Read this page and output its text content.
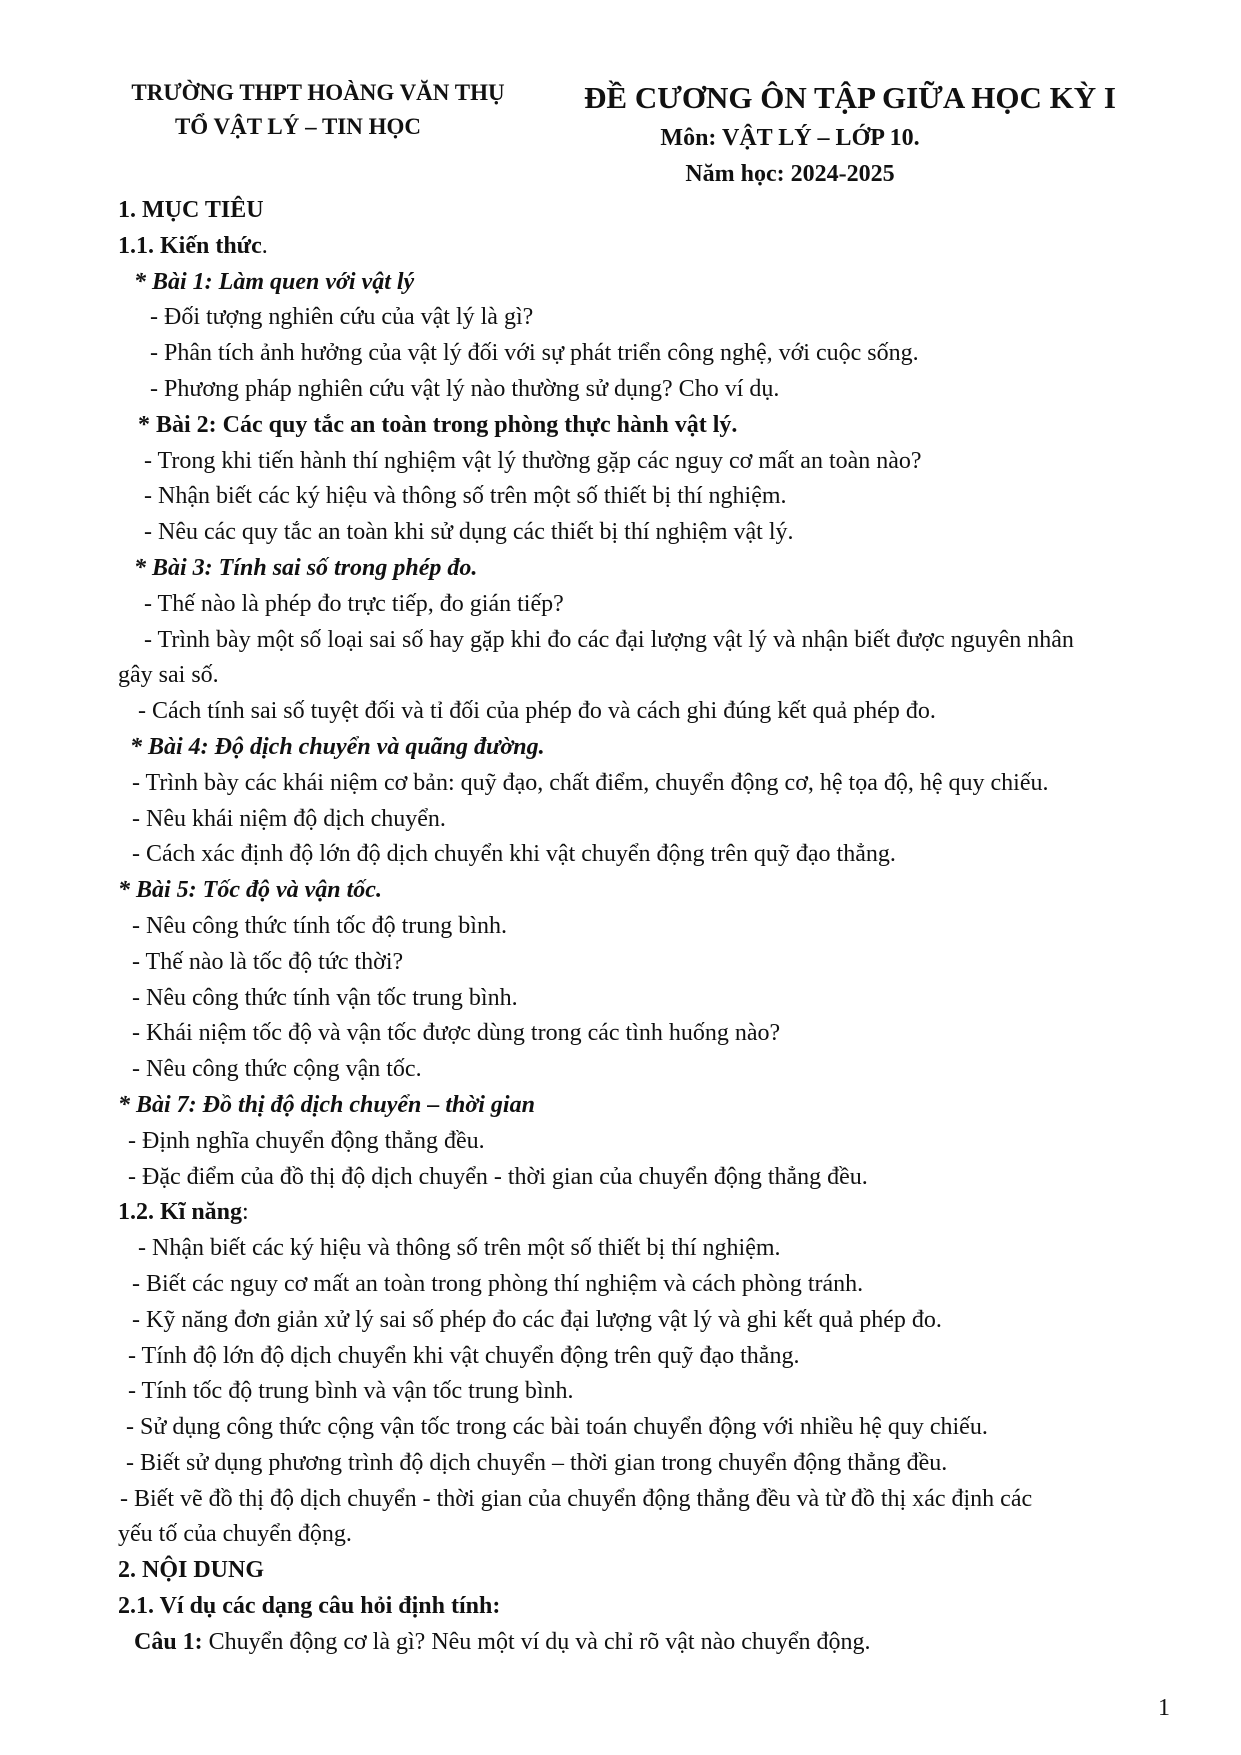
TRƯỜNG THPT HOÀNG VĂN THỤ
TỔ VẬT LÝ – TIN HỌC
ĐỀ CƯƠNG ÔN TẬP GIỮA HỌC KỲ I
Môn: VẬT LÝ – LỚP 10.
Năm học: 2024-2025
1. MỤC TIÊU
1.1. Kiến thức.
* Bài 1: Làm quen với vật lý
- Đối tượng nghiên cứu của vật lý là gì?
- Phân tích ảnh hưởng của vật lý đối với sự phát triển công nghệ, với cuộc sống.
- Phương pháp nghiên cứu vật lý nào thường sử dụng? Cho ví dụ.
* Bài 2: Các quy tắc an toàn trong phòng thực hành vật lý.
- Trong khi tiến hành thí nghiệm vật lý thường gặp các nguy cơ mất an toàn nào?
- Nhận biết các ký hiệu và thông số trên một số thiết bị thí nghiệm.
- Nêu các quy tắc an toàn khi sử dụng các thiết bị thí nghiệm vật lý.
* Bài 3: Tính sai số trong phép đo.
- Thế nào là phép đo trực tiếp, đo gián tiếp?
- Trình bày một số loại sai số hay gặp khi đo các đại lượng vật lý và nhận biết được nguyên nhân
gây sai số.
- Cách tính sai số tuyệt đối và tỉ đối của phép đo và cách ghi đúng kết quả phép đo.
* Bài 4: Độ dịch chuyển và quãng đường.
- Trình bày các khái niệm cơ bản: quỹ đạo, chất điểm, chuyển động cơ, hệ tọa độ, hệ quy chiếu.
- Nêu khái niệm độ dịch chuyển.
- Cách xác định độ lớn độ dịch chuyển khi vật chuyển động trên quỹ đạo thẳng.
* Bài 5: Tốc độ và vận tốc.
- Nêu công thức tính tốc độ trung bình.
- Thế nào là tốc độ tức thời?
- Nêu công thức tính vận tốc trung bình.
- Khái niệm tốc độ và vận tốc được dùng trong các tình huống nào?
- Nêu công thức cộng vận tốc.
* Bài 7: Đồ thị độ dịch chuyển – thời gian
- Định nghĩa chuyển động thẳng đều.
- Đặc điểm của đồ thị độ dịch chuyển - thời gian của chuyển động thẳng đều.
1.2. Kĩ năng:
- Nhận biết các ký hiệu và thông số trên một số thiết bị thí nghiệm.
- Biết các nguy cơ mất an toàn trong phòng thí nghiệm và cách phòng tránh.
- Kỹ năng đơn giản xử lý sai số phép đo các đại lượng vật lý và ghi kết quả phép đo.
- Tính độ lớn độ dịch chuyển khi vật chuyển động trên quỹ đạo thẳng.
- Tính tốc độ trung bình và vận tốc trung bình.
- Sử dụng công thức cộng vận tốc trong các bài toán chuyển động với nhiều hệ quy chiếu.
- Biết sử dụng phương trình độ dịch chuyển – thời gian trong chuyển động thẳng đều.
- Biết vẽ đồ thị độ dịch chuyển - thời gian của chuyển động thẳng đều và từ đồ thị xác định các
yếu tố của chuyển động.
2. NỘI DUNG
2.1. Ví dụ các dạng câu hỏi định tính:
Câu 1: Chuyển động cơ là gì? Nêu một ví dụ và chỉ rõ vật nào chuyển động.
1
